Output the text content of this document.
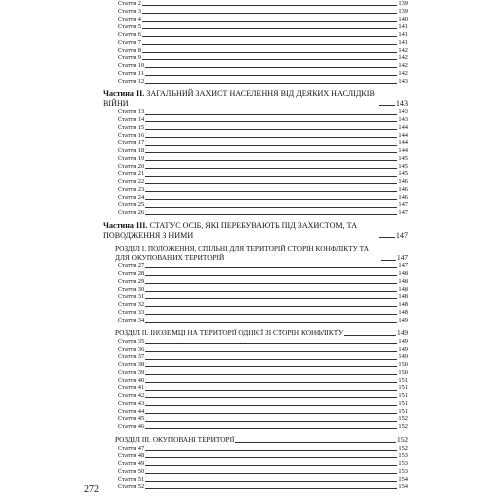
Стаття 2	139
Стаття 3	139
Стаття 4	140
Стаття 5	141
Стаття 6	141
Стаття 7	141
Стаття 8	142
Стаття 9	142
Стаття 10	142
Стаття 11	142
Стаття 12	143
Частина II. ЗАГАЛЬНИЙ ЗАХИСТ НАСЕЛЕННЯ ВІД ДЕЯКИХ НАСЛІДКІВ ВІЙНИ	143
Стаття 13	143
Стаття 14	143
Стаття 15	144
Стаття 16	144
Стаття 17	144
Стаття 18	144
Стаття 19	145
Стаття 20	145
Стаття 21	145
Стаття 22	146
Стаття 23	146
Стаття 24	146
Стаття 25	147
Стаття 26	147
Частина III. СТАТУС ОСІБ, ЯКІ ПЕРЕБУВАЮТЬ ПІД ЗАХИСТОМ, ТА ПОВОДЖЕННЯ З НИМИ	147
РОЗДІЛ І. ПОЛОЖЕННЯ, СПІЛЬНІ ДЛЯ ТЕРИТОРІЙ СТОРІН КОНФЛІКТУ ТА ДЛЯ ОКУПОВАНИХ ТЕРИТОРІЙ	147
Стаття 27	147
Стаття 28	148
Стаття 29	148
Стаття 30	148
Стаття 31	148
Стаття 32	148
Стаття 33	148
Стаття 34	149
РОЗДІЛ ІІ. ІНОЗЕМЦІ НА ТЕРИТОРІЇ ОДНІЄЇ ЗІ СТОРІН КОНФЛІКТУ	149
Стаття 35	149
Стаття 36	149
Стаття 37	149
Стаття 38	150
Стаття 39	150
Стаття 40	151
Стаття 41	151
Стаття 42	151
Стаття 43	151
Стаття 44	151
Стаття 45	152
Стаття 46	152
РОЗДІЛ ІІІ. ОКУПОВАНІ ТЕРИТОРІЇ	152
Стаття 47	152
Стаття 48	153
Стаття 49	153
Стаття 50	153
Стаття 51	154
Стаття 52	154
272
